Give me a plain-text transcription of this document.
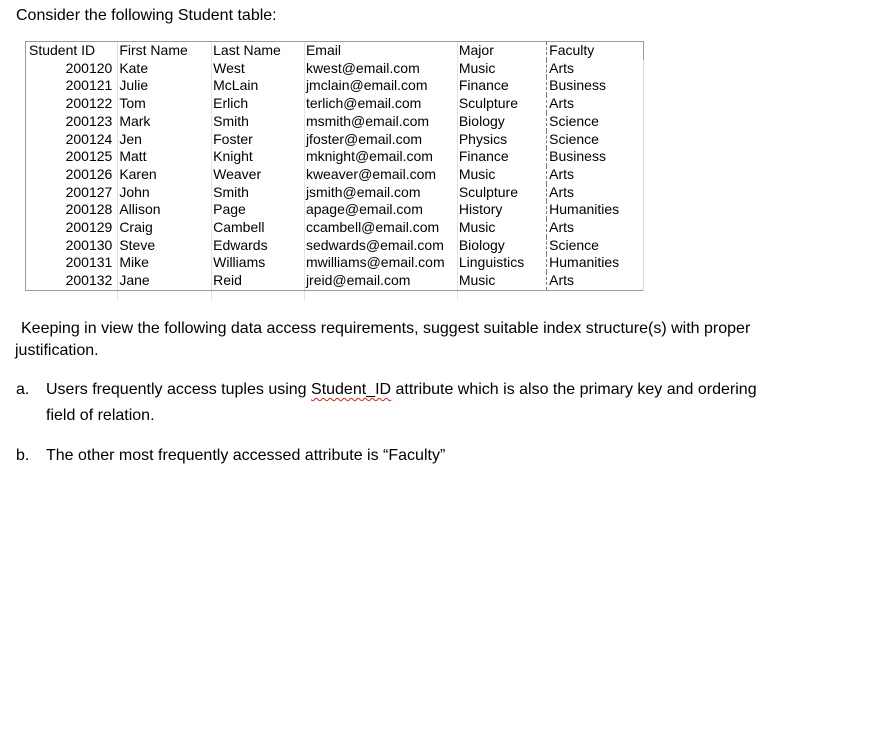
Consider the following Student table:

Student ID	First Name	Last Name	Email	Major	Faculty
200120	Kate	West	kwest@email.com	Music	Arts
200121	Julie	McLain	jmclain@email.com	Finance	Business
200122	Tom	Erlich	terlich@email.com	Sculpture	Arts
200123	Mark	Smith	msmith@email.com	Biology	Science
200124	Jen	Foster	jfoster@email.com	Physics	Science
200125	Matt	Knight	mknight@email.com	Finance	Business
200126	Karen	Weaver	kweaver@email.com	Music	Arts
200127	John	Smith	jsmith@email.com	Sculpture	Arts
200128	Allison	Page	apage@email.com	History	Humanities
200129	Craig	Cambell	ccambell@email.com	Music	Arts
200130	Steve	Edwards	sedwards@email.com	Biology	Science
200131	Mike	Williams	mwilliams@email.com	Linguistics	Humanities
200132	Jane	Reid	jreid@email.com	Music	Arts

Keeping in view the following data access requirements, suggest suitable index structure(s) with proper justification.

a.	Users frequently access tuples using Student_ID attribute which is also the primary key and ordering
field of relation.
b.	The other most frequently accessed attribute is “Faculty”
